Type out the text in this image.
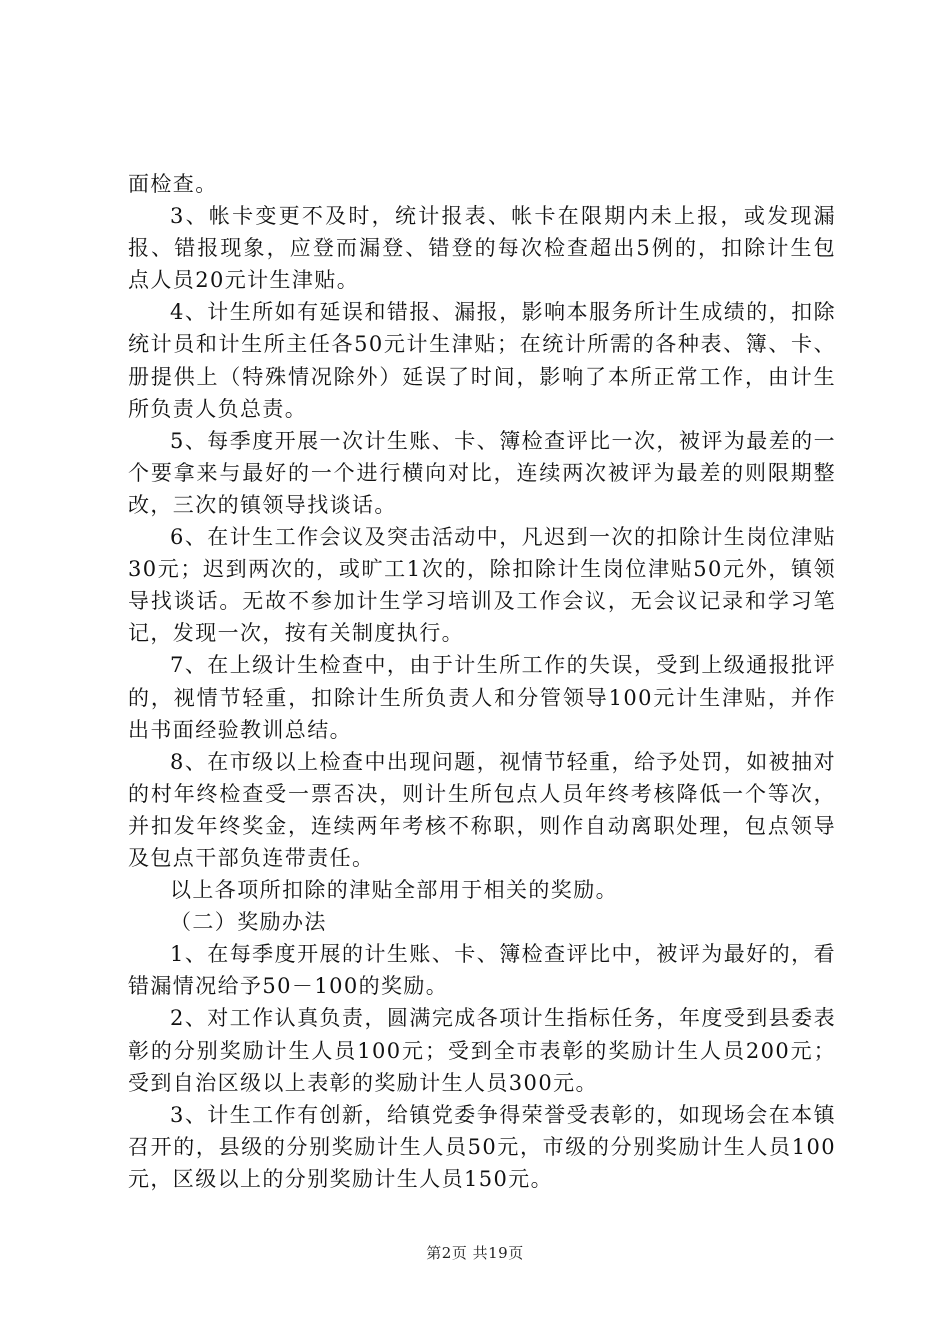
面检查。

3、帐卡变更不及时，统计报表、帐卡在限期内未上报，或发现漏报、错报现象，应登而漏登、错登的每次检查超出5例的，扣除计生包点人员20元计生津贴。

4、计生所如有延误和错报、漏报，影响本服务所计生成绩的，扣除统计员和计生所主任各50元计生津贴；在统计所需的各种表、簿、卡、册提供上（特殊情况除外）延误了时间，影响了本所正常工作，由计生所负责人负总责。

5、每季度开展一次计生账、卡、簿检查评比一次，被评为最差的一个要拿来与最好的一个进行横向对比，连续两次被评为最差的则限期整改，三次的镇领导找谈话。

6、在计生工作会议及突击活动中，凡迟到一次的扣除计生岗位津贴30元；迟到两次的，或旷工1次的，除扣除计生岗位津贴50元外，镇领导找谈话。无故不参加计生学习培训及工作会议，无会议记录和学习笔记，发现一次，按有关制度执行。

7、在上级计生检查中，由于计生所工作的失误，受到上级通报批评的，视情节轻重，扣除计生所负责人和分管领导100元计生津贴，并作出书面经验教训总结。

8、在市级以上检查中出现问题，视情节轻重，给予处罚，如被抽对的村年终检查受一票否决，则计生所包点人员年终考核降低一个等次，并扣发年终奖金，连续两年考核不称职，则作自动离职处理，包点领导及包点干部负连带责任。

以上各项所扣除的津贴全部用于相关的奖励。

（二）奖励办法

1、在每季度开展的计生账、卡、簿检查评比中，被评为最好的，看错漏情况给予50－100的奖励。

2、对工作认真负责，圆满完成各项计生指标任务，年度受到县委表彰的分别奖励计生人员100元；受到全市表彰的奖励计生人员200元；受到自治区级以上表彰的奖励计生人员300元。

3、计生工作有创新，给镇党委争得荣誉受表彰的，如现场会在本镇召开的，县级的分别奖励计生人员50元，市级的分别奖励计生人员100元，区级以上的分别奖励计生人员150元。

第2页 共19页
